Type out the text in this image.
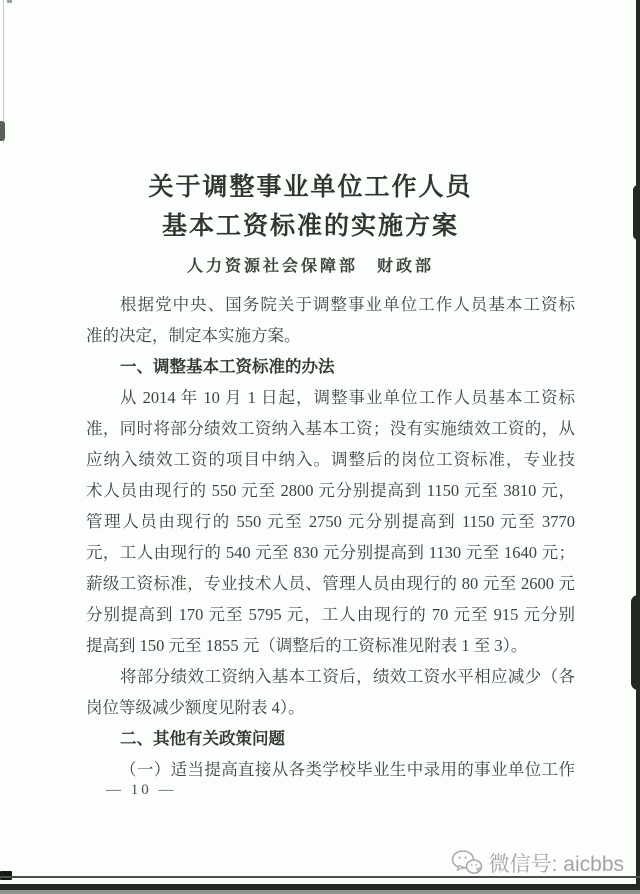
关于调整事业单位工作人员
基本工资标准的实施方案
人力资源社会保障部　财政部
根据党中央、国务院关于调整事业单位工作人员基本工资标
准的决定，制定本实施方案。
一、调整基本工资标准的办法
从 2014 年 10 月 1 日起，调整事业单位工作人员基本工资标
准，同时将部分绩效工资纳入基本工资；没有实施绩效工资的，从
应纳入绩效工资的项目中纳入。调整后的岗位工资标准，专业技
术人员由现行的 550 元至 2800 元分别提高到 1150 元至 3810 元，
管理人员由现行的 550 元至 2750 元分别提高到 1150 元至 3770
元，工人由现行的 540 元至 830 元分别提高到 1130 元至 1640 元；
薪级工资标准，专业技术人员、管理人员由现行的 80 元至 2600 元
分别提高到 170 元至 5795 元，工人由现行的 70 元至 915 元分别
提高到 150 元至 1855 元（调整后的工资标准见附表 1 至 3）。
将部分绩效工资纳入基本工资后，绩效工资水平相应减少（各
岗位等级减少额度见附表 4）。
二、其他有关政策问题
（一）适当提高直接从各类学校毕业生中录用的事业单位工作
— 10 —
微信号: aicbbs
